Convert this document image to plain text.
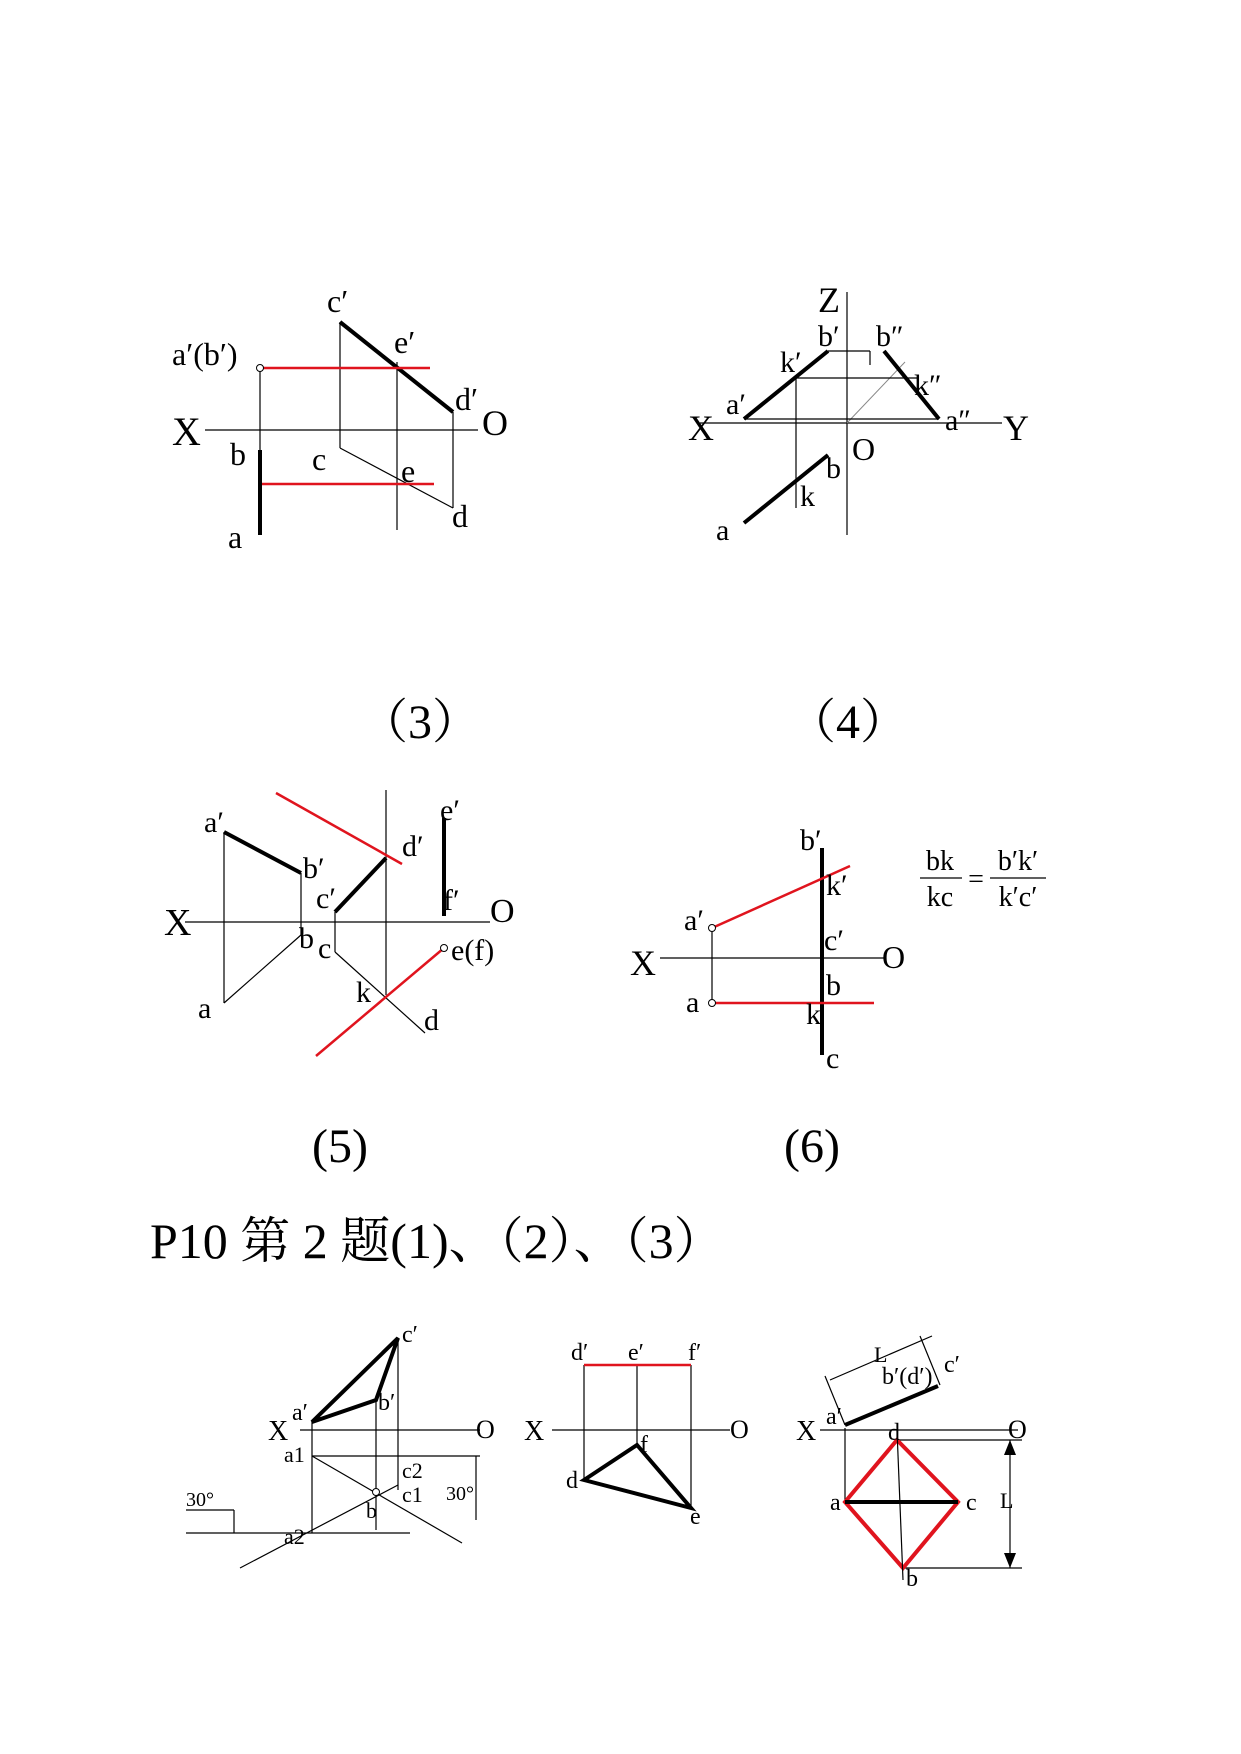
a′(b′)
c′
e′
d′
X	O
b c e
d
a
（3）
Z
b′ b″
k′
k″
a′	a″
X	Y
O
b
k
a
（4）
a′
b′
c′
d′
e′
f′
X	O
b c	e(f)
k
a	d
(5)
b′
k′
a′
c′
X	O
b
a	k
c
bk
kc
=
b′k′
k′c′
(6)
P10 第 2 题(1)、（2）、（3）
c′
b′
a′
X	O
a1
c2
c1
b
a2
30°	30°
d′ e′ f′
X	O
f
d
e
L
b′(d′) c′
a′
X	O
d
a	c
b
L
